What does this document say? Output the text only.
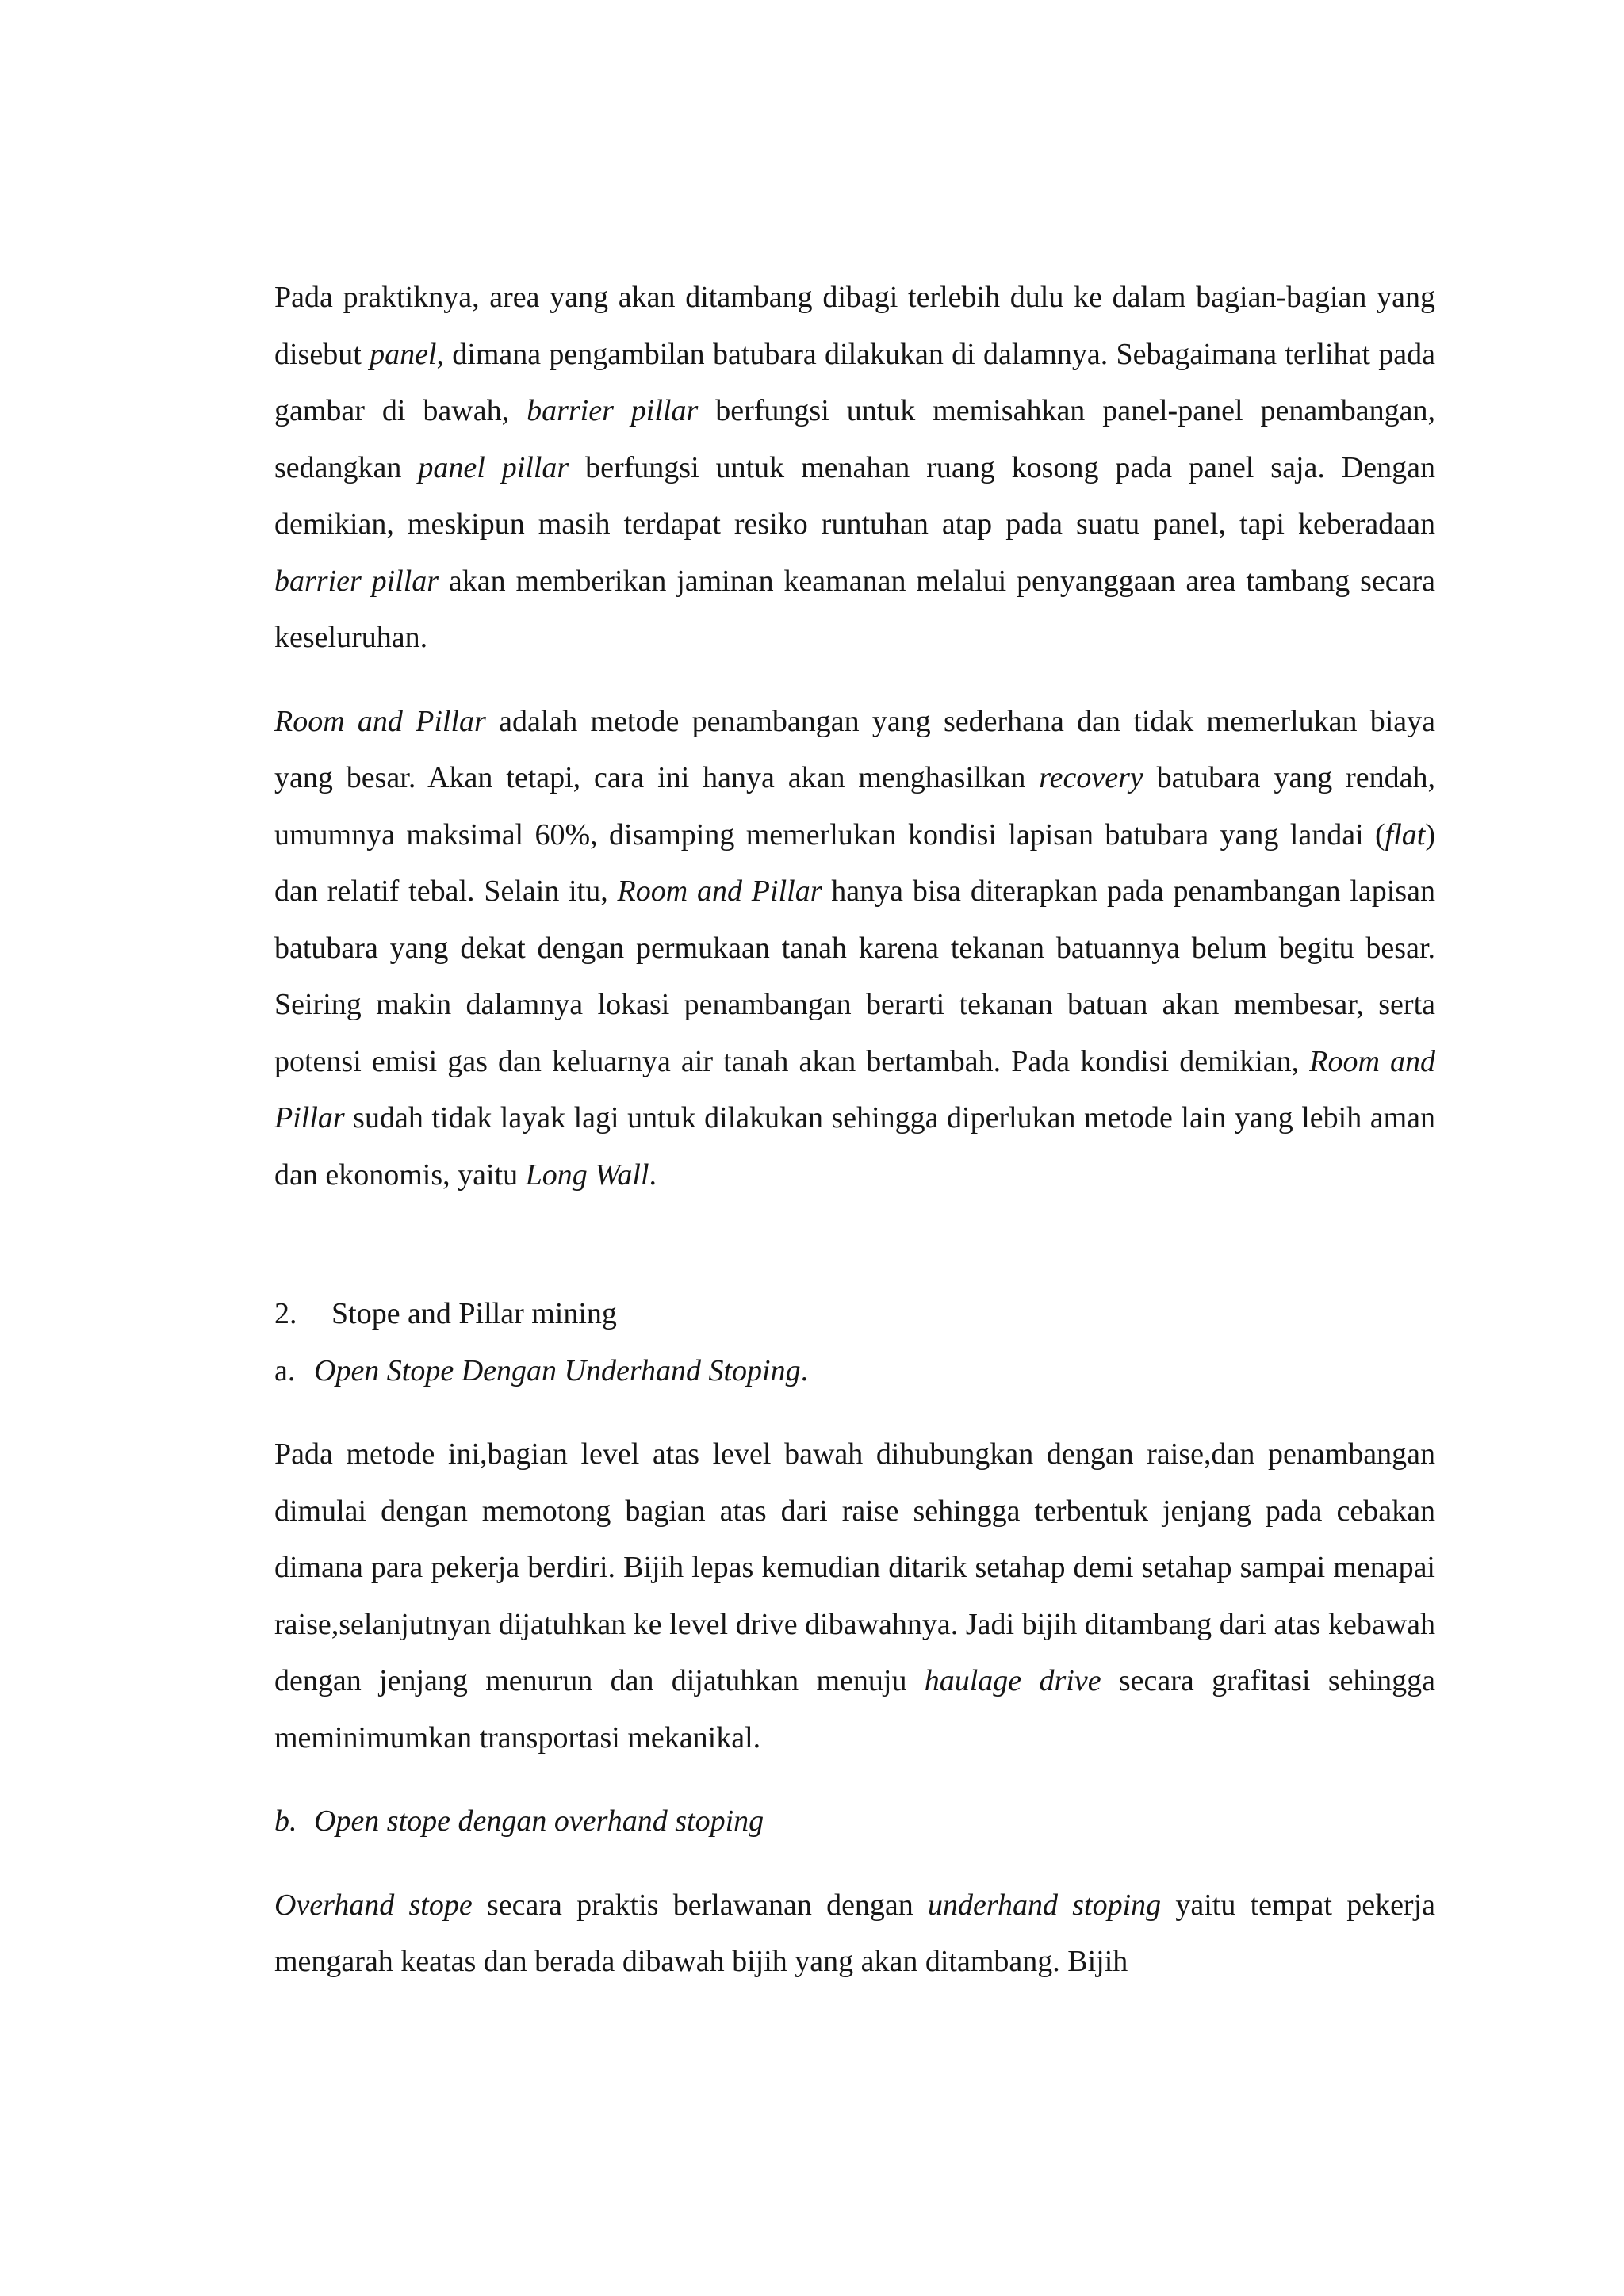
Pada praktiknya, area yang akan ditambang dibagi terlebih dulu ke dalam bagian-bagian yang disebut panel, dimana pengambilan batubara dilakukan di dalamnya. Sebagaimana terlihat pada gambar di bawah, barrier pillar berfungsi untuk memisahkan panel-panel penambangan, sedangkan panel pillar berfungsi untuk menahan ruang kosong pada panel saja. Dengan demikian, meskipun masih terdapat resiko runtuhan atap pada suatu panel, tapi keberadaan barrier pillar akan memberikan jaminan keamanan melalui penyanggaan area tambang secara keseluruhan.

Room and Pillar adalah metode penambangan yang sederhana dan tidak memerlukan biaya yang besar. Akan tetapi, cara ini hanya akan menghasilkan recovery batubara yang rendah, umumnya maksimal 60%, disamping memerlukan kondisi lapisan batubara yang landai (flat) dan relatif tebal. Selain itu, Room and Pillar hanya bisa diterapkan pada penambangan lapisan batubara yang dekat dengan permukaan tanah karena tekanan batuannya belum begitu besar. Seiring makin dalamnya lokasi penambangan berarti tekanan batuan akan membesar, serta potensi emisi gas dan keluarnya air tanah akan bertambah. Pada kondisi demikian, Room and Pillar sudah tidak layak lagi untuk dilakukan sehingga diperlukan metode lain yang lebih aman dan ekonomis, yaitu Long Wall.

2. Stope and Pillar mining
a. Open Stope Dengan Underhand Stoping.

Pada metode ini,bagian level atas level bawah dihubungkan dengan raise,dan penambangan dimulai dengan memotong bagian atas dari raise sehingga terbentuk jenjang pada cebakan dimana para pekerja berdiri. Bijih lepas kemudian ditarik setahap demi setahap sampai menapai raise,selanjutnyan dijatuhkan ke level drive dibawahnya. Jadi bijih ditambang dari atas kebawah dengan jenjang menurun dan dijatuhkan menuju haulage drive secara grafitasi sehingga meminimumkan transportasi mekanikal.

b. Open stope dengan overhand stoping

Overhand stope secara praktis berlawanan dengan underhand stoping yaitu tempat pekerja mengarah keatas dan berada dibawah bijih yang akan ditambang. Bijih
